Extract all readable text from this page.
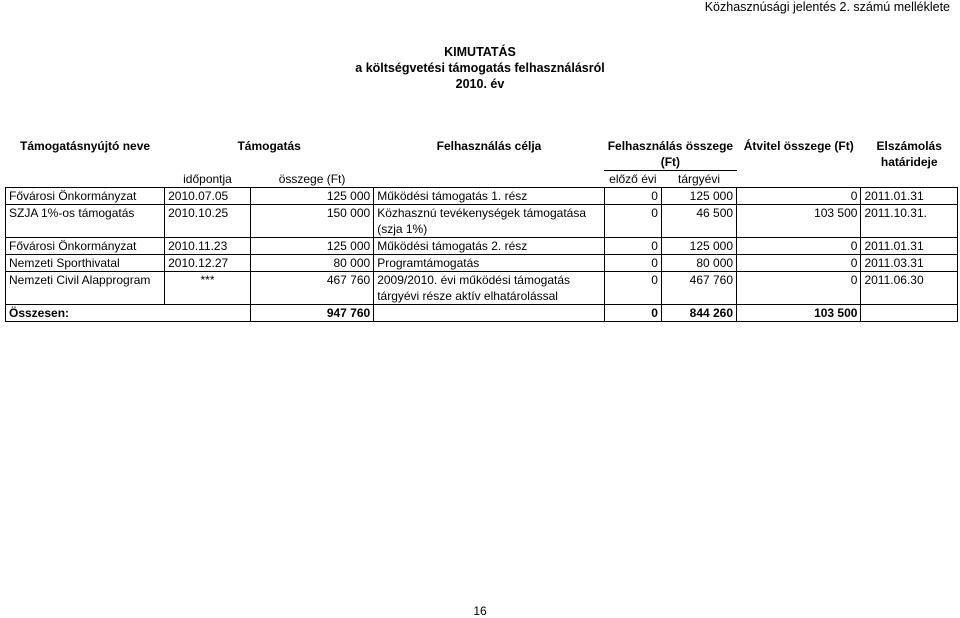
Közhasznúsági jelentés 2. számú melléklete
KIMUTATÁS
a költségvetési támogatás felhasználásról
2010. év
Támogatásnyújtó neve	Támogatás		Felhasználás célja	Felhasználás összege (Ft)		Átvitel összege (Ft)	Elszámolás határideje
	időpontja	összege (Ft)		előző évi	tárgyévi		
Fővárosi Önkormányzat	2010.07.05	125 000	Működési támogatás 1. rész	0	125 000	0	2011.01.31
SZJA 1%-os támogatás	2010.10.25	150 000	Közhasznú tevékenységek támogatása (szja 1%)	0	46 500	103 500	2011.10.31.
Fővárosi Önkormányzat	2010.11.23	125 000	Működési támogatás 2. rész	0	125 000	0	2011.01.31
Nemzeti Sporthivatal	2010.12.27	80 000	Programtámogatás	0	80 000	0	2011.03.31
Nemzeti Civil Alapprogram	***	467 760	2009/2010. évi működési támogatás tárgyévi része aktív elhatárolással	0	467 760	0	2011.06.30
Összesen:		947 760		0	844 260	103 500	
16
